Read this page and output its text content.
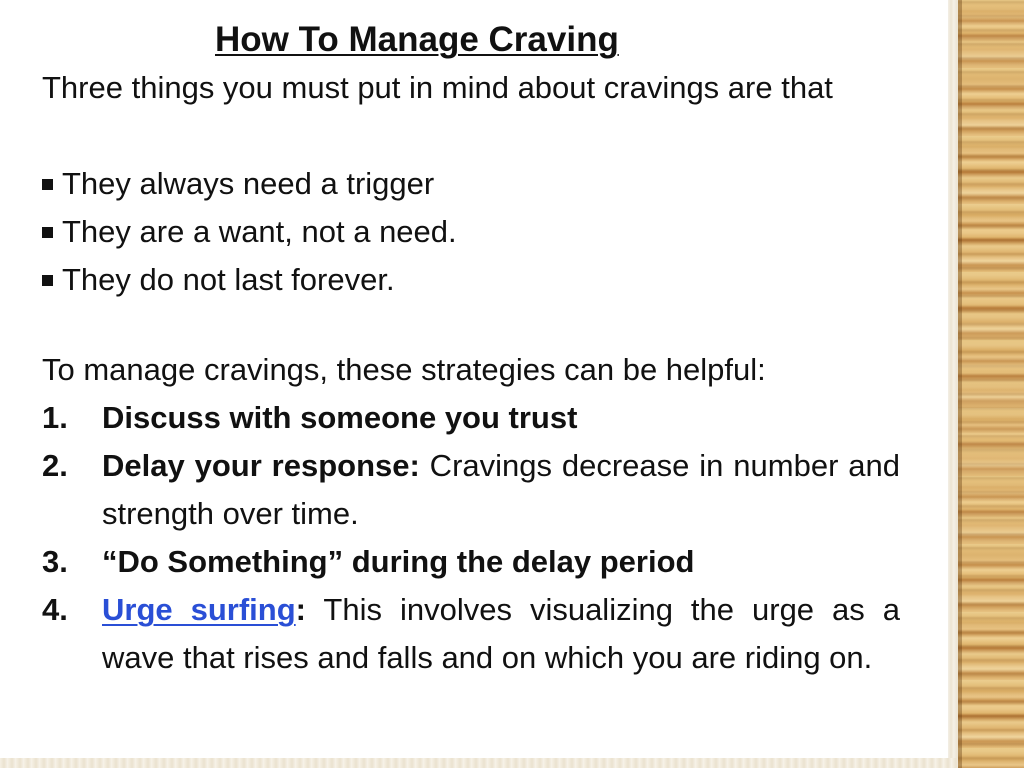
How To Manage Craving

Three things you must put in mind about cravings are that

They always need a trigger
They are a want, not a need.
They do not last forever.

To manage cravings, these strategies can be helpful:

1.	Discuss with someone you trust
2.	Delay your response: Cravings decrease in number and strength over time.
3.	“Do Something” during the delay period
4.	Urge surfing: This involves visualizing the urge as a wave that rises and falls and on which you are riding on.
